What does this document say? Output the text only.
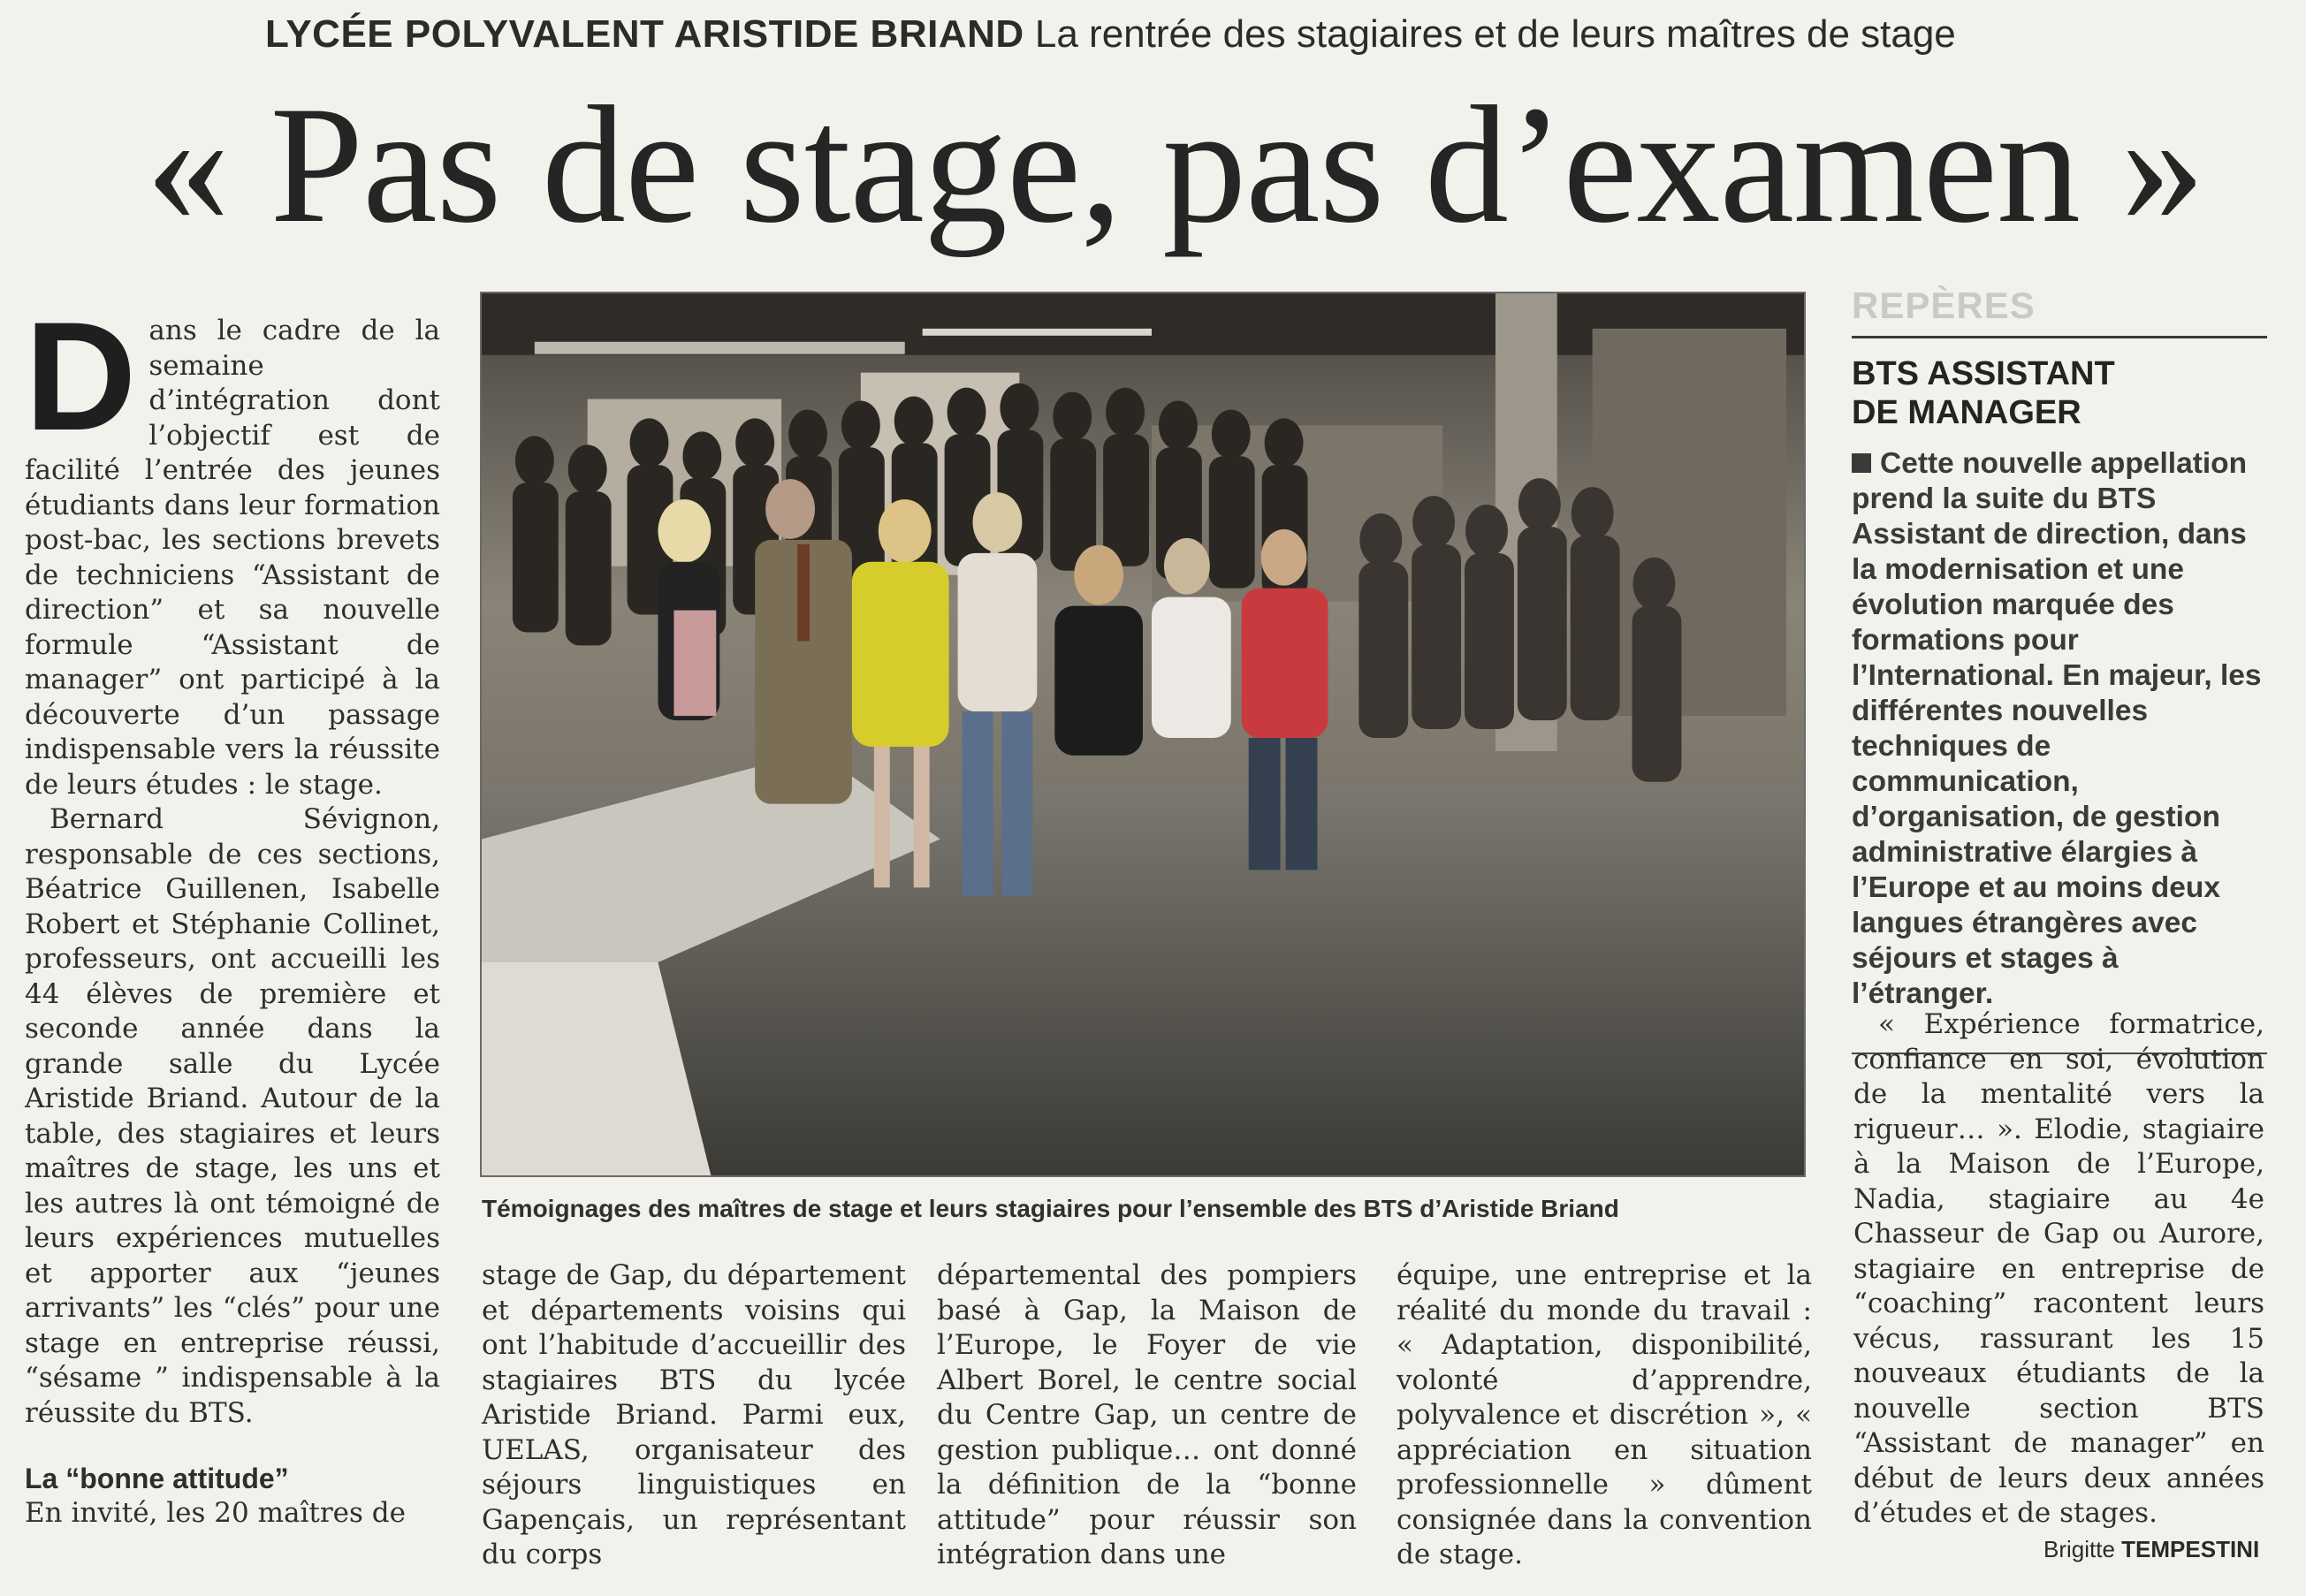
LYCÉE POLYVALENT ARISTIDE BRIAND La rentrée des stagiaires et de leurs maîtres de stage
« Pas de stage, pas d’examen »
D ans le cadre de la semaine d’intégration dont l’objectif est de facilité l’entrée des jeunes étudiants dans leur formation post-bac, les sections brevets de techniciens “Assistant de direction” et sa nouvelle formule “Assistant de manager” ont participé à la découverte d’un passage indispensable vers la réussite de leurs études : le stage.

Bernard Sévignon, responsable de ces sections, Béatrice Guillenen, Isabelle Robert et Stéphanie Collinet, professeurs, ont accueilli les 44 élèves de première et seconde année dans la grande salle du Lycée Aristide Briand. Autour de la table, des stagiaires et leurs maîtres de stage, les uns et les autres là ont témoigné de leurs expériences mutuelles et apporter aux “jeunes arrivants” les “clés” pour une stage en entreprise réussi, “sésame ” indispensable à la réussite du BTS.

La “bonne attitude”

En invité, les 20 maîtres de

Témoignages des maîtres de stage et leurs stagiaires pour l’ensemble des BTS d’Aristide Briand

stage de Gap, du département et départements voisins qui ont l’habitude d’accueillir des stagiaires BTS du lycée Aristide Briand. Parmi eux, UELAS, organisateur des séjours linguistiques en Gapençais, un représentant du corps

départemental des pompiers basé à Gap, la Maison de l’Europe, le Foyer de vie Albert Borel, le centre social du Centre Gap, un centre de gestion publique… ont donné la définition de la “bonne attitude” pour réussir son intégration dans une

équipe, une entreprise et la réalité du monde du travail : « Adaptation, disponibilité, volonté d’apprendre, polyvalence et discrétion », « appréciation en situation professionnelle » dûment consignée dans la convention de stage.

REPÈRES
BTS ASSISTANT DE MANAGER
Cette nouvelle appellation prend la suite du BTS Assistant de direction, dans la modernisation et une évolution marquée des formations pour l’International. En majeur, les différentes nouvelles techniques de communication, d’organisation, de gestion administrative élargies à l’Europe et au moins deux langues étrangères avec séjours et stages à l’étranger.

« Expérience formatrice, confiance en soi, évolution de la mentalité vers la rigueur… ». Elodie, stagiaire à la Maison de l’Europe, Nadia, stagiaire au 4e Chasseur de Gap ou Aurore, stagiaire en entreprise de “coaching” racontent leurs vécus, rassurant les 15 nouveaux étudiants de la nouvelle section BTS “Assistant de manager” en début de leurs deux années d’études et de stages.

Brigitte TEMPESTINI
